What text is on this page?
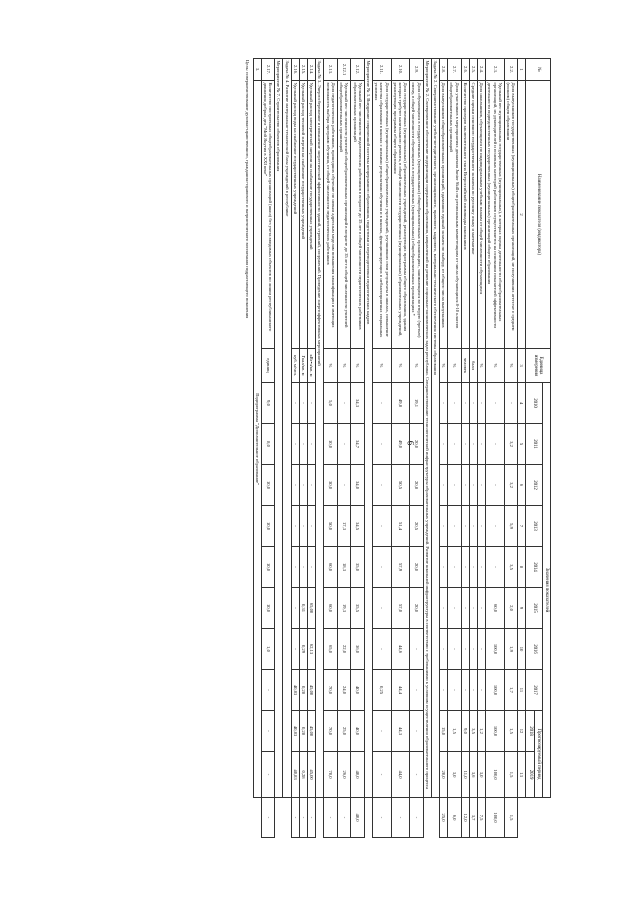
6
№	Наименование показателя (индикатора)	Единица измерения	Значения показателей										
			2010	2011	2012	2013	2014	2015	2016	2017	Прогнозируемый период		
											2018	2019	
1	2	3	4	5	6	7	8	9	10	11	12	13	
2.2.	Доля выпускников государственных (муниципальных) общеобразовательных организаций, не получивших аттестат о среднем (полном) общем образовании	%	-	3,2	3,2	5,9	3,5	2,0	1,9	1,7	1,5	1,5	1,5
2.3.	Удельный вес муниципальных государственных (муниципальных), в которых оценка деятельности общеобразовательных организаций, их руководителей и основных категорий работников осуществляется на основании показателей эффективности деятельности подведомственных государственных (муниципальных) организаций общего образования	%	-	-	-	-	-	60,0	100,0	100,0	100,0	100,0	100,0
2.4.	Доля школьников, обучающихся по индивидуальным учебным планам от общей численности обучающихся	%	-	-	-	-	-	-	-	-	1,2	3,0	7,5
2.5.	Средние оценки основного государственного экзамена по русскому языку и математике	балл	-	-	-	-	-	-	-	-	3,5	3,6	3,7
2.6.	Количество призеров заключительного этапа Всероссийской олимпиады школьников	человек	-	-	-	-	-	-	-	-	9,0	11,0	12,0
2.7.	Доля участников в мероприятиях движения Junior Skills по региональным компетенциям от числа обучающихся 8-10 классов общеобразовательных организаций	%	-	-	-	-	-	-	-	-	1,5	3,0	6,0
2.8.	Доля выпускников общеобразовательных организаций, сдававших единый экзамен по выбору, от общего числа выпускников	%	-	-	-	-	-	-	-	-	15,0	20,0	25,0
Задача № 2. Совершенствование учебно-методического, организационного, правового, кадрового, материально-технического обеспечения системы образования													
Мероприятие № 2. Своевременное обеспечение модернизации содержания образования, направленной на решение социально-экономических задач республики. Совершенствование технологической инфраструктуры образовательных учреждений. Развитие школьной инфраструктуры в соответствии с требованиями к условиям осуществления образовательного процесса													
2.9.	Доля обучающихся в государственных (муниципальных) общеобразовательных организациях, занимающихся во вторую (третью) смену, в общей численности обучающихся в государственных (муниципальных) общеобразовательных организациях *	%	19,1	20,0	20,8	20,5	20,0	20,0	-	-	-	-	-
2.10.	Доля государственных (муниципальных) образовательных учреждений, реализующих программы общего образования, здания которых требуют капитального ремонта, в общей численности государственных (муниципальных) образовательных учреждений, реализующих программы общего образования	%	49,8	49,0	50,5	51,4	57,9	57,0	44,6	44,4	44,3	44,0	-
2.11.	Доля государственных (муниципальных) общеобразовательных учреждений, улучшивших свои результаты в школах, повышение качества образования в школах с низкими результатами обучения и в школах, функционирующих в неблагоприятных социальных условиях	%	-	-	-	-	-	-	-	0,25	-	-	-
Мероприятие № 3. Внедрение современной системы непрерывного образования, подготовки и переподготовки педагогических кадров													
2.12.	Удельный вес численности педагогических работников в возрасте до 35 лет в общей численности педагогических работников образовательных организаций	%	34,3	34,7	34,0	34,5	35,0	35,5	36,0	40,0	40,0	40,0	40,0
2.12.1	Удельный вес численности учителей общеобразовательных организаций в возрасте до 35 лет в общей численности учителей общеобразовательных организаций	%	-	-	-	17,3	18,3	19,3	22,0	24,0	25,0	26,0	-
2.13.	Доля педагогических работников, прошедших обучение по новым адресным моделям повышения квалификации и имеющих возможность выбора программ обучения, от общей численности педагогических работников	%	5,0	10,0	30,0	50,0	60,0	60,0	65,0	70,0	70,0	70,0	-
Задача № 3. Энергосбережение и повышение энергетической эффективности зданий, строений, сооружений. Проведение энергоэффективных мероприятий													
2.14.	Удельный расход электрической энергии на снабжение государственных учреждений	кВт•ч/кв. м	-	-	-	-	-	65,00	62,13	45,00	45,00	45,00	-
2.15.	Удельный расход тепловой энергии на снабжение государственных учреждений	Гкал/кв. м	-	-	-	-	-	0,31	0,29	0,28	0,28	0,28	-
2.16.	Удельный расход воды на снабжение государственных учреждений	куб. м/чел.	-	-	-	-	-	-	-	40,83	40,83	40,83	-
Задача № 4. Развитие материально-технической базы учреждений в республике													
Мероприятие № 7. Строительство объектов образования													
2.17.	Количество построенных общеобразовательных организаций (школ) без учета вводимых объектов по линии республиканского движения добрых дел "Мой Якутия в XXI веке"	единиц	9,0	8,0	10,0	10,0	10,0	10,0	1,0	-	-	-	-
3.	Подпрограмма "Дополнительное образование"												
Цель: совершенствование духовно-нравственного, гражданско-правового и патриотического воспитания подрастающего поколения													
